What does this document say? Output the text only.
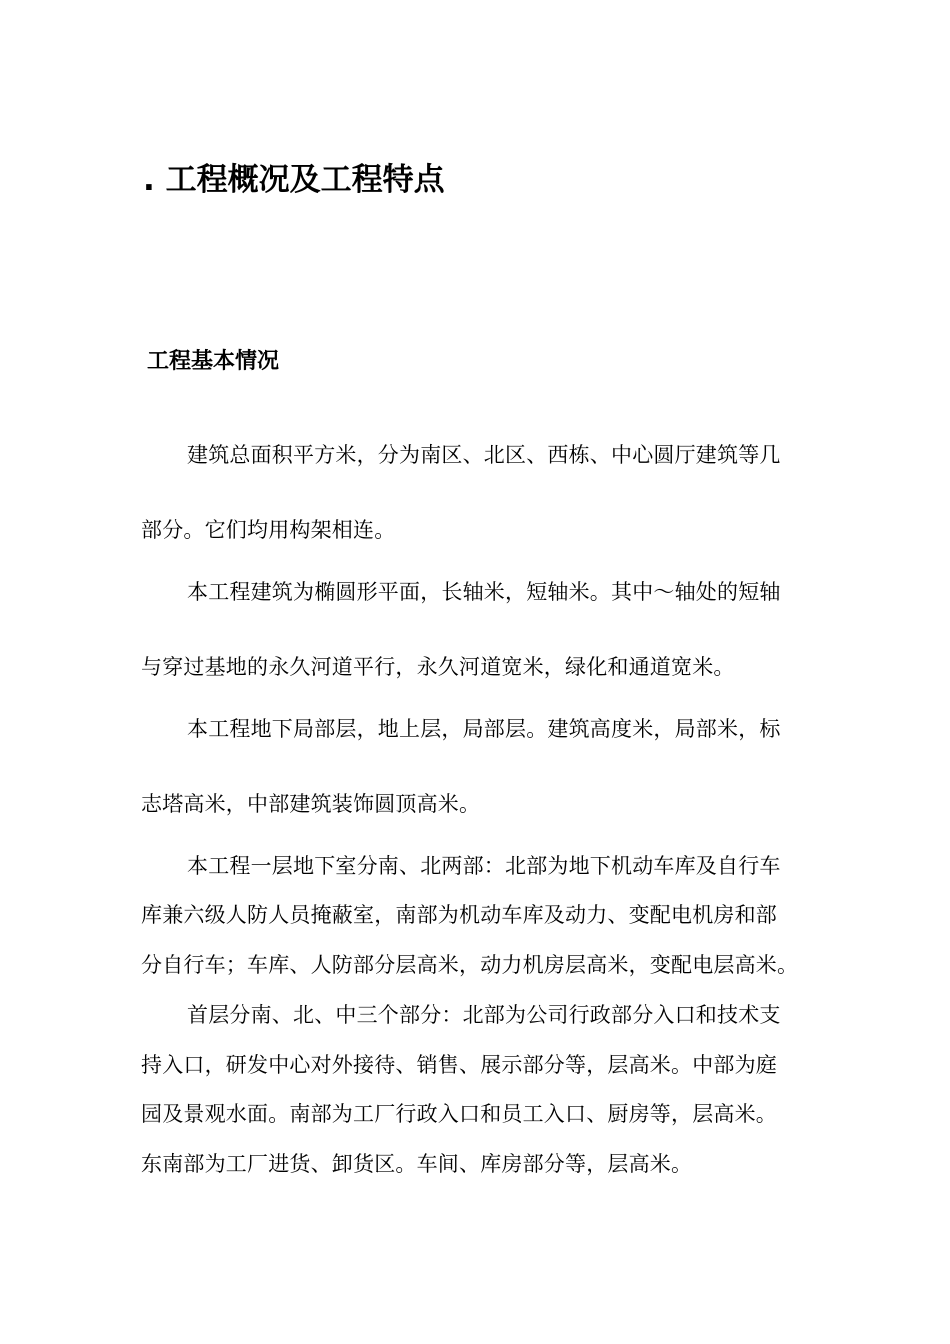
. 工程概况及工程特点
工程基本情况

建筑总面积平方米，分为南区、北区、西栋、中心圆厅建筑等几

部分。它们均用构架相连。

本工程建筑为椭圆形平面，长轴米，短轴米。其中～轴处的短轴

与穿过基地的永久河道平行，永久河道宽米，绿化和通道宽米。

本工程地下局部层，地上层，局部层。建筑高度米，局部米，标

志塔高米，中部建筑装饰圆顶高米。

本工程一层地下室分南、北两部：北部为地下机动车库及自行车

库兼六级人防人员掩蔽室，南部为机动车库及动力、变配电机房和部

分自行车；车库、人防部分层高米，动力机房层高米，变配电层高米。

首层分南、北、中三个部分：北部为公司行政部分入口和技术支

持入口，研发中心对外接待、销售、展示部分等，层高米。中部为庭

园及景观水面。南部为工厂行政入口和员工入口、厨房等，层高米。

东南部为工厂进货、卸货区。车间、库房部分等，层高米。
